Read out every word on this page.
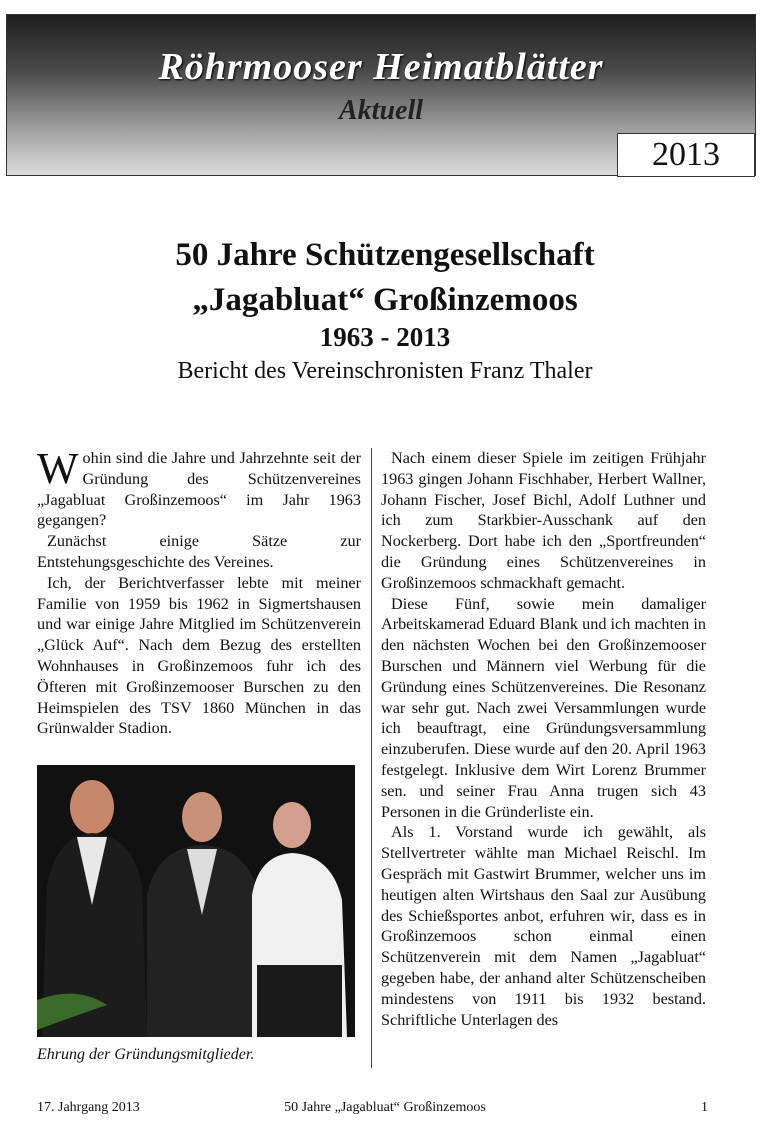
Röhrmooser Heimatblätter
Aktuell
2013
50 Jahre Schützengesellschaft
„Jagabluat“ Großinzemoos
1963 - 2013
Bericht des Vereinschronisten Franz Thaler

Wohin sind die Jahre und Jahrzehnte seit der Gründung des Schützenvereines „Jagabluat Großinzemoos“ im Jahr 1963 gegangen?

Zunächst einige Sätze zur Entstehungsgeschichte des Vereines.

Ich, der Berichtverfasser lebte mit meiner Familie von 1959 bis 1962 in Sigmertshausen und war einige Jahre Mitglied im Schützenverein „Glück Auf“. Nach dem Bezug des erstellten Wohnhauses in Großinzemoos fuhr ich des Öfteren mit Großinzemooser Burschen zu den Heimspielen des TSV 1860 München in das Grünwalder Stadion.

Ehrung der Gründungsmitglieder.

Nach einem dieser Spiele im zeitigen Frühjahr 1963 gingen Johann Fischhaber, Herbert Wallner, Johann Fischer, Josef Bichl, Adolf Luthner und ich zum Starkbier-Ausschank auf den Nockerberg. Dort habe ich den „Sportfreunden“ die Gründung eines Schützenvereines in Großinzemoos schmackhaft gemacht.

Diese Fünf, sowie mein damaliger Arbeitskamerad Eduard Blank und ich machten in den nächsten Wochen bei den Großinzemooser Burschen und Männern viel Werbung für die Gründung eines Schützenvereines. Die Resonanz war sehr gut. Nach zwei Versammlungen wurde ich beauftragt, eine Gründungsversammlung einzuberufen. Diese wurde auf den 20. April 1963 festgelegt. Inklusive dem Wirt Lorenz Brummer sen. und seiner Frau Anna trugen sich 43 Personen in die Gründerliste ein.

Als 1. Vorstand wurde ich gewählt, als Stellvertreter wählte man Michael Reischl. Im Gespräch mit Gastwirt Brummer, welcher uns im heutigen alten Wirtshaus den Saal zur Ausübung des Schießsportes anbot, erfuhren wir, dass es in Großinzemoos schon einmal einen Schützenverein mit dem Namen „Jagabluat“ gegeben habe, der anhand alter Schützenscheiben mindestens von 1911 bis 1932 bestand. Schriftliche Unterlagen des

17. Jahrgang 2013	50 Jahre „Jagabluat“ Großinzemoos	1
